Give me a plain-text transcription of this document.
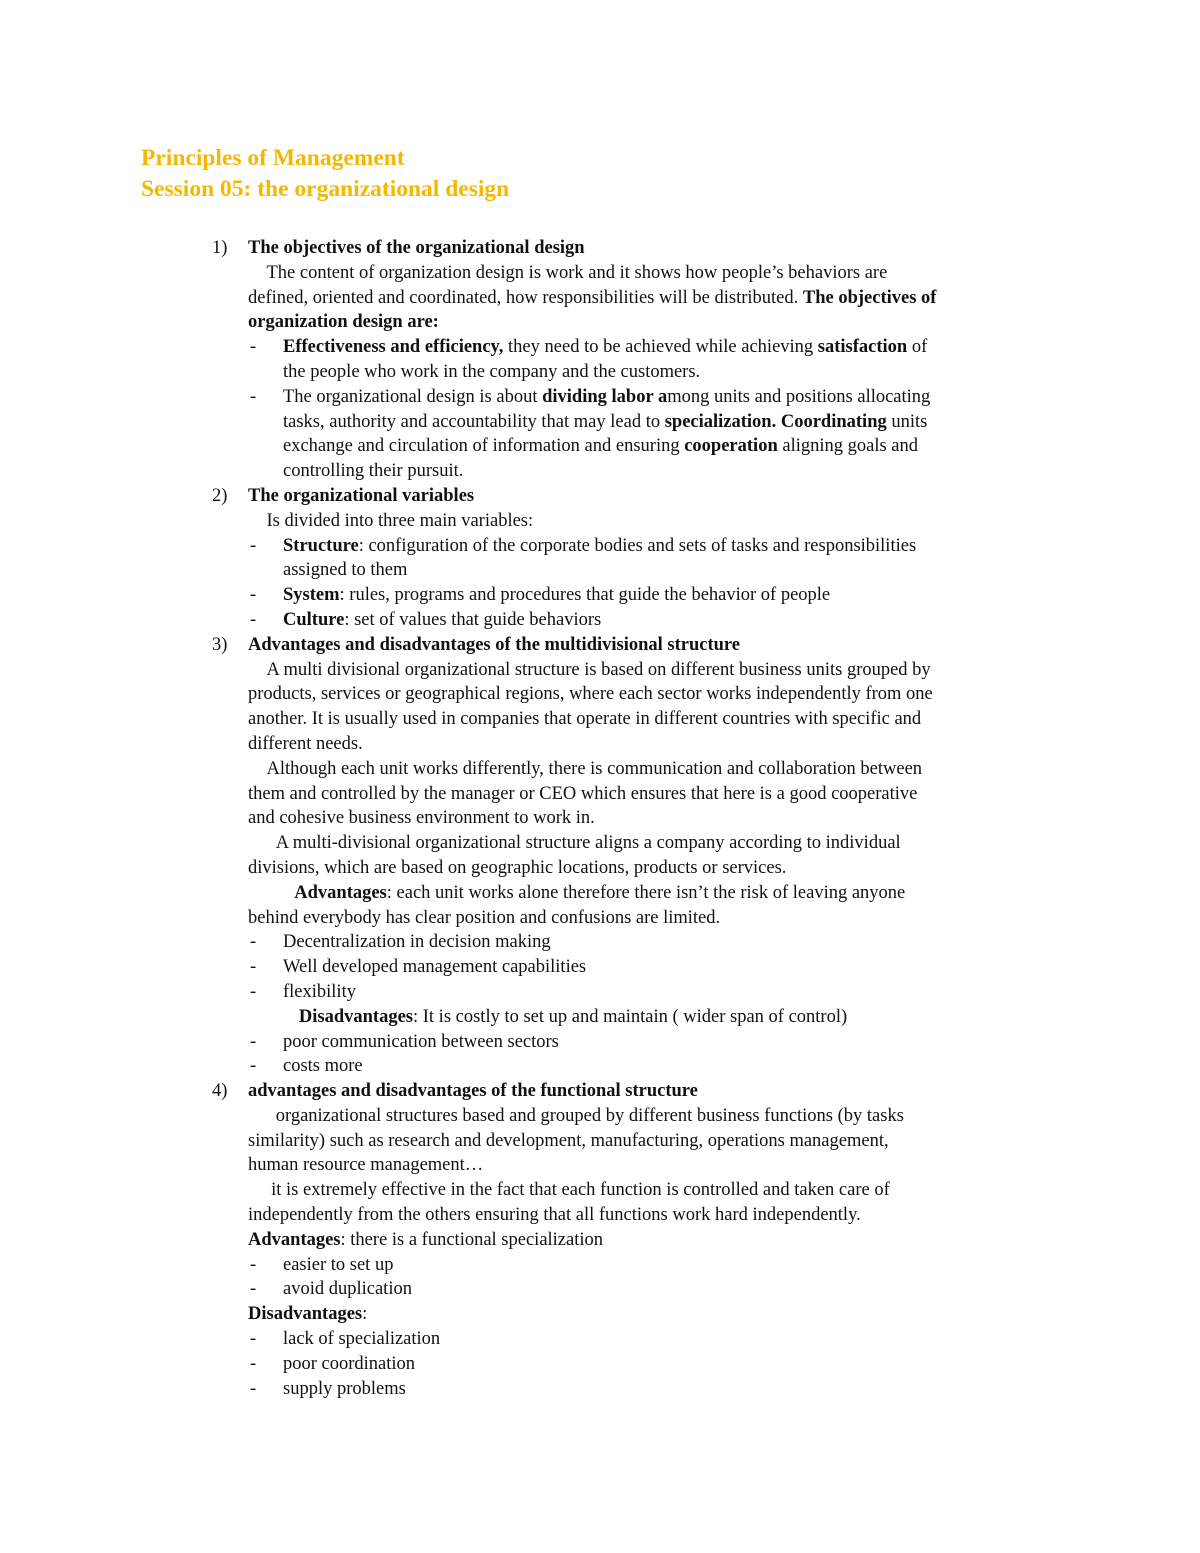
Principles of Management
Session 05: the organizational design
1) The objectives of the organizational design
The content of organization design is work and it shows how people’s behaviors are
defined, oriented and coordinated, how responsibilities will be distributed. The objectives of
organization design are:
- Effectiveness and efficiency, they need to be achieved while achieving satisfaction of
the people who work in the company and the customers.
- The organizational design is about dividing labor among units and positions allocating
tasks, authority and accountability that may lead to specialization. Coordinating units
exchange and circulation of information and ensuring cooperation aligning goals and
controlling their pursuit.
2) The organizational variables
Is divided into three main variables:
- Structure: configuration of the corporate bodies and sets of tasks and responsibilities
assigned to them
- System: rules, programs and procedures that guide the behavior of people
- Culture: set of values that guide behaviors
3) Advantages and disadvantages of the multidivisional structure
A multi divisional organizational structure is based on different business units grouped by
products, services or geographical regions, where each sector works independently from one
another. It is usually used in companies that operate in different countries with specific and
different needs.
Although each unit works differently, there is communication and collaboration between
them and controlled by the manager or CEO which ensures that here is a good cooperative
and cohesive business environment to work in.
A multi-divisional organizational structure aligns a company according to individual
divisions, which are based on geographic locations, products or services.
Advantages: each unit works alone therefore there isn’t the risk of leaving anyone
behind everybody has clear position and confusions are limited.
- Decentralization in decision making
- Well developed management capabilities
- flexibility
Disadvantages: It is costly to set up and maintain ( wider span of control)
- poor communication between sectors
- costs more
4) advantages and disadvantages of the functional structure
organizational structures based and grouped by different business functions (by tasks
similarity) such as research and development, manufacturing, operations management,
human resource management…
it is extremely effective in the fact that each function is controlled and taken care of
independently from the others ensuring that all functions work hard independently.
Advantages: there is a functional specialization
- easier to set up
- avoid duplication
Disadvantages:
- lack of specialization
- poor coordination
- supply problems
